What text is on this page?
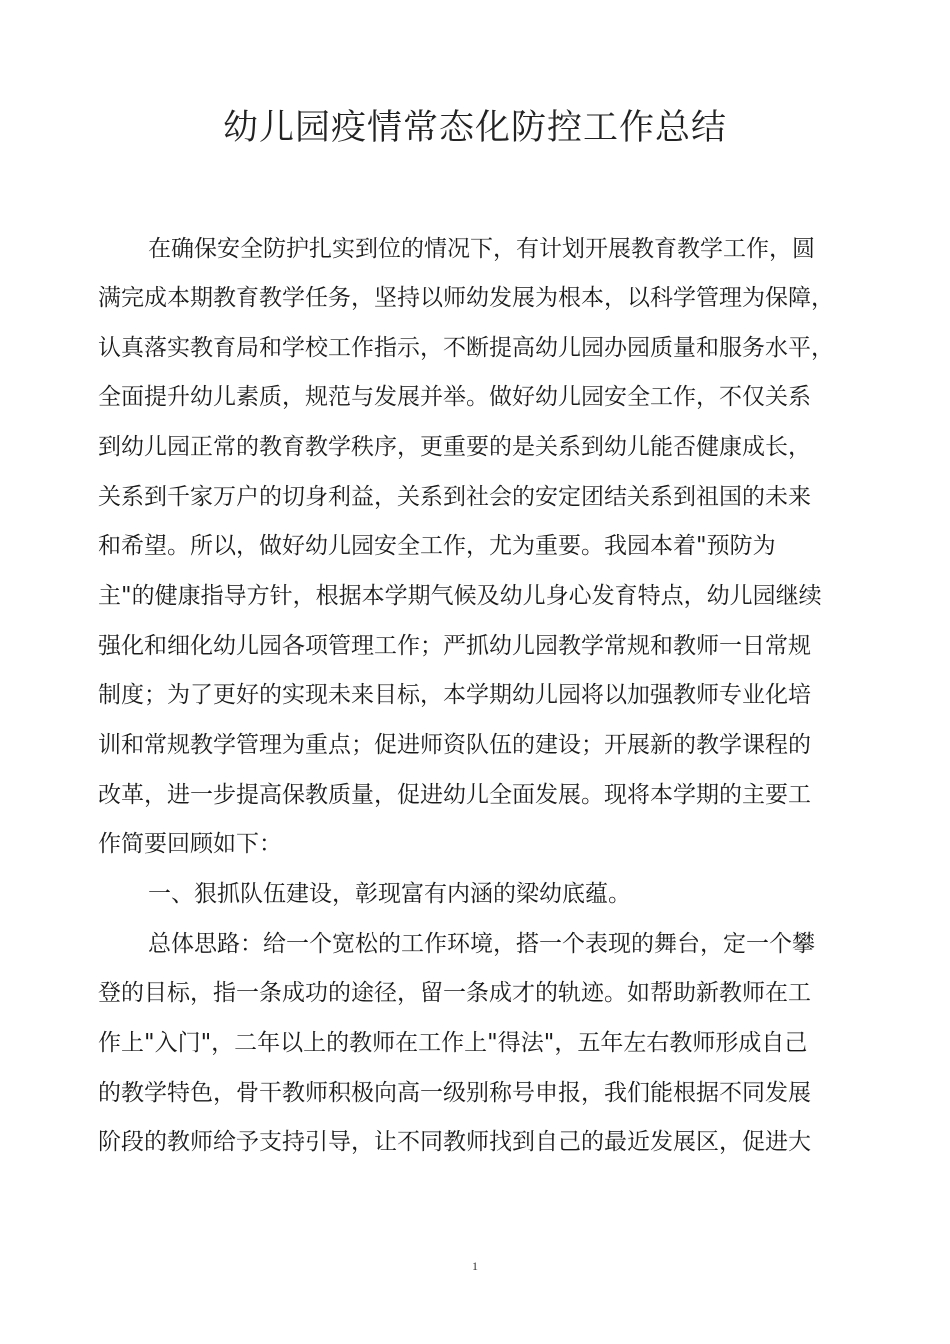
幼儿园疫情常态化防控工作总结
在确保安全防护扎实到位的情况下，有计划开展教育教学工作，圆
满完成本期教育教学任务，坚持以师幼发展为根本，以科学管理为保障，
认真落实教育局和学校工作指示，不断提高幼儿园办园质量和服务水平，
全面提升幼儿素质，规范与发展并举。做好幼儿园安全工作，不仅关系
到幼儿园正常的教育教学秩序，更重要的是关系到幼儿能否健康成长，
关系到千家万户的切身利益，关系到社会的安定团结关系到祖国的未来
和希望。所以，做好幼儿园安全工作，尤为重要。我园本着"预防为
主"的健康指导方针，根据本学期气候及幼儿身心发育特点，幼儿园继续
强化和细化幼儿园各项管理工作；严抓幼儿园教学常规和教师一日常规
制度；为了更好的实现未来目标，本学期幼儿园将以加强教师专业化培
训和常规教学管理为重点；促进师资队伍的建设；开展新的教学课程的
改革，进一步提高保教质量，促进幼儿全面发展。现将本学期的主要工
作简要回顾如下：
一、狠抓队伍建设，彰现富有内涵的梁幼底蕴。
总体思路：给一个宽松的工作环境，搭一个表现的舞台，定一个攀
登的目标，指一条成功的途径，留一条成才的轨迹。如帮助新教师在工
作上"入门"，二年以上的教师在工作上"得法"，五年左右教师形成自己
的教学特色，骨干教师积极向高一级别称号申报，我们能根据不同发展
阶段的教师给予支持引导，让不同教师找到自己的最近发展区，促进大
1
